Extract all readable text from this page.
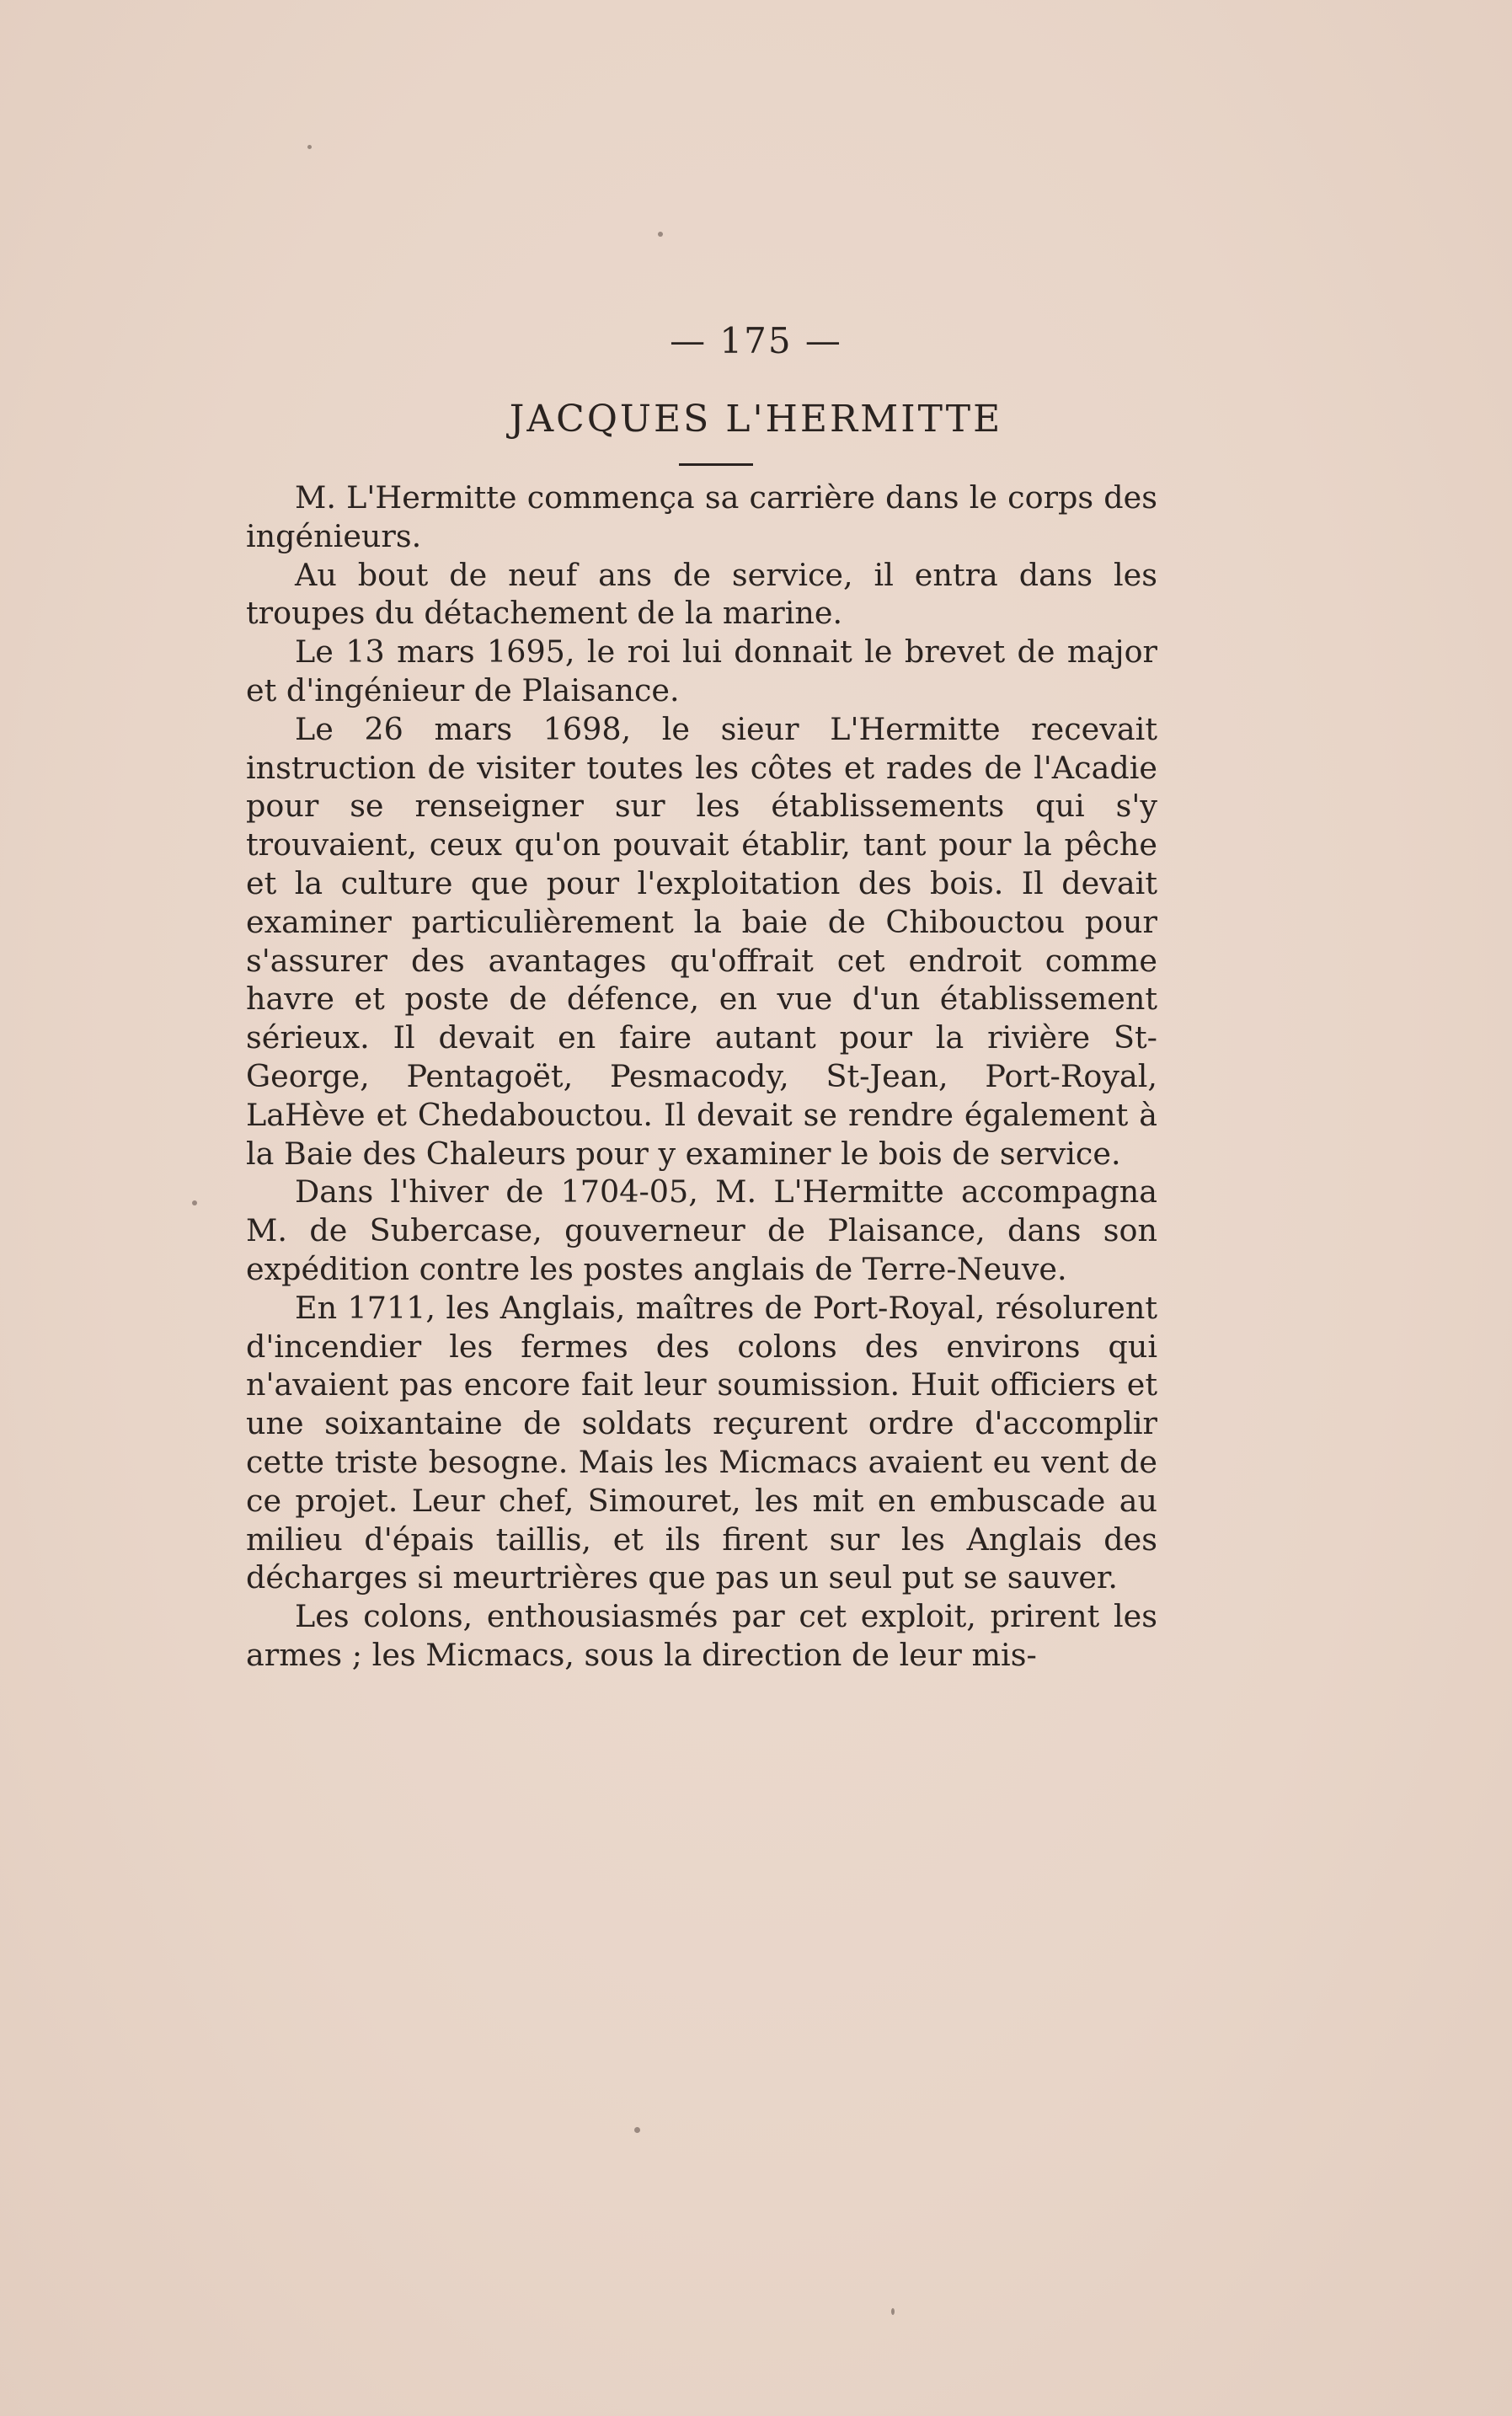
— 175 —
JACQUES L'HERMITTE

M. L'Hermitte commença sa carrière dans le corps des ingénieurs.

Au bout de neuf ans de service, il entra dans les troupes du détachement de la marine.

Le 13 mars 1695, le roi lui donnait le brevet de major et d'ingénieur de Plaisance.

Le 26 mars 1698, le sieur L'Hermitte recevait instruction de visiter toutes les côtes et rades de l'Acadie pour se renseigner sur les établissements qui s'y trouvaient, ceux qu'on pouvait établir, tant pour la pêche et la culture que pour l'exploitation des bois. Il devait examiner particulièrement la baie de Chibouctou pour s'assurer des avantages qu'offrait cet endroit comme havre et poste de défence, en vue d'un établissement sérieux. Il devait en faire autant pour la rivière St-George, Pentagoët, Pesmacody, St-Jean, Port-Royal, LaHève et Chedabouctou. Il devait se rendre également à la Baie des Chaleurs pour y examiner le bois de service.

Dans l'hiver de 1704-05, M. L'Hermitte accompagna M. de Subercase, gouverneur de Plaisance, dans son expédition contre les postes anglais de Terre-Neuve.

En 1711, les Anglais, maîtres de Port-Royal, résolurent d'incendier les fermes des colons des environs qui n'avaient pas encore fait leur soumission. Huit officiers et une soixantaine de soldats reçurent ordre d'accomplir cette triste besogne. Mais les Micmacs avaient eu vent de ce projet. Leur chef, Simouret, les mit en embuscade au milieu d'épais taillis, et ils firent sur les Anglais des décharges si meurtrières que pas un seul put se sauver.

Les colons, enthousiasmés par cet exploit, prirent les armes ; les Micmacs, sous la direction de leur mis-
